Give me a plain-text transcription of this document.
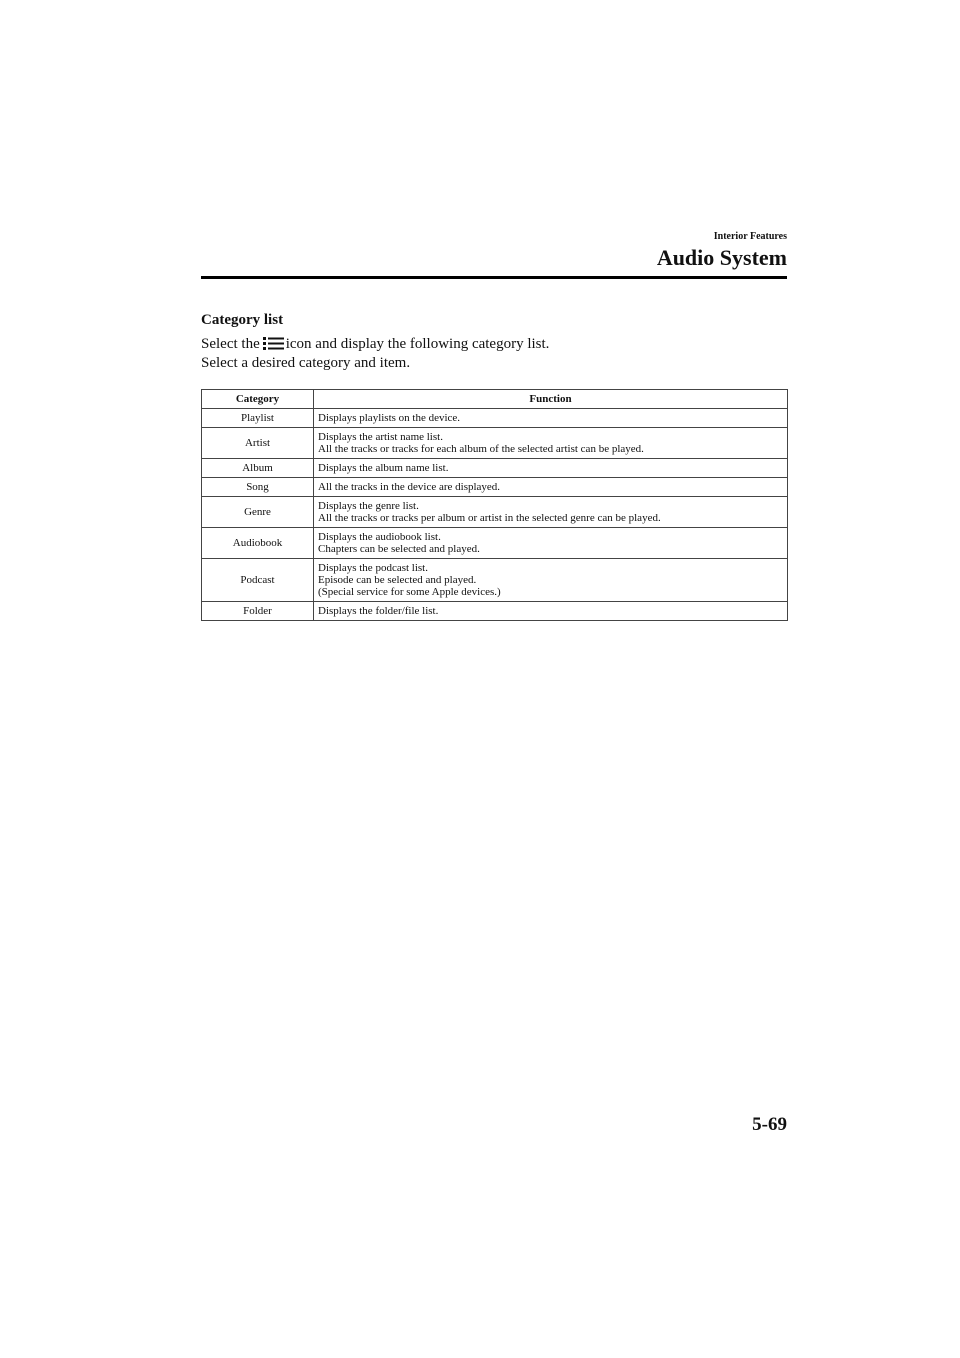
Interior Features
Audio System
Category list
Select the icon and display the following category list.
Select a desired category and item.
Category	Function
Playlist	Displays playlists on the device.

Artist	Displays the artist name list.
All the tracks or tracks for each album of the selected artist can be played.

Album	Displays the album name list.

Song	All the tracks in the device are displayed.

Genre	Displays the genre list.
All the tracks or tracks per album or artist in the selected genre can be played.

Audiobook	Displays the audiobook list.
Chapters can be selected and played.

Podcast	Displays the podcast list.
Episode can be selected and played.
(Special service for some Apple devices.)

Folder	Displays the folder/file list.
5-69
